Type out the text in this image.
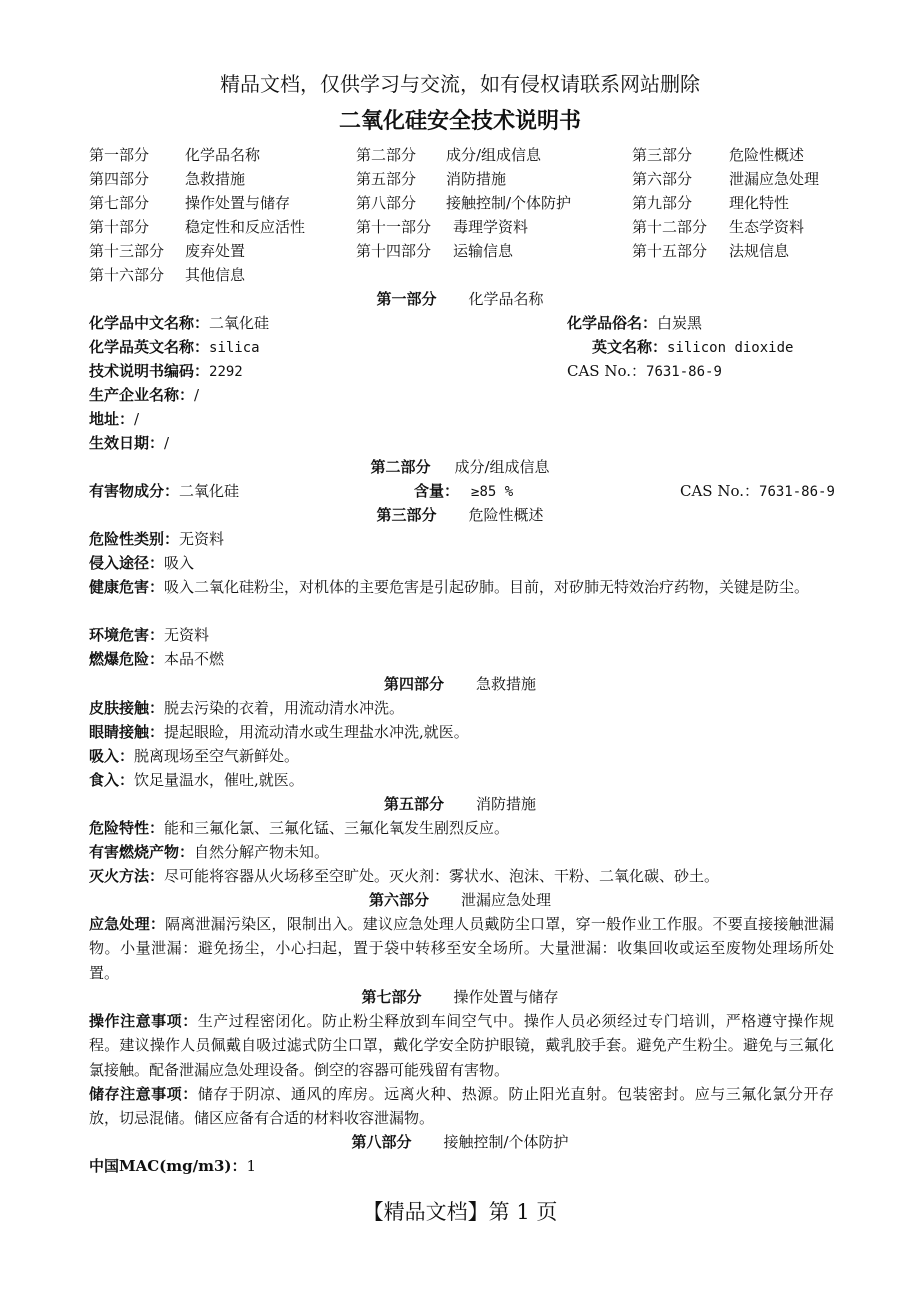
精品文档，仅供学习与交流，如有侵权请联系网站删除
二氧化硅安全技术说明书
第一部分 化学品名称	第二部分 成分/组成信息	第三部分 危险性概述
第四部分 急救措施	第五部分 消防措施	第六部分 泄漏应急处理
第七部分 操作处置与储存	第八部分 接触控制/个体防护	第九部分 理化特性
第十部分 稳定性和反应活性	第十一部分 毒理学资料	第十二部分 生态学资料
第十三部分 废弃处置	第十四部分 运输信息	第十五部分 法规信息
第十六部分 其他信息
第一部分 化学品名称
化学品中文名称：二氧化硅	化学品俗名：白炭黑
化学品英文名称：silica	英文名称：silicon dioxide
技术说明书编码：2292	CAS No.：7631-86-9
生产企业名称：/
地址：/
生效日期：/
第二部分 成分/组成信息
有害物成分：二氧化硅	含量： ≥85 %	CAS No.：7631-86-9
第三部分 危险性概述
危险性类别：无资料
侵入途径：吸入
健康危害：吸入二氧化硅粉尘，对机体的主要危害是引起矽肺。目前，对矽肺无特效治疗药物，关键是防尘。
环境危害：无资料
燃爆危险：本品不燃
第四部分 急救措施
皮肤接触：脱去污染的衣着，用流动清水冲洗。
眼睛接触：提起眼睑，用流动清水或生理盐水冲洗,就医。
吸入：脱离现场至空气新鲜处。
食入：饮足量温水，催吐,就医。
第五部分 消防措施
危险特性：能和三氟化氯、三氟化锰、三氟化氧发生剧烈反应。
有害燃烧产物：自然分解产物未知。
灭火方法：尽可能将容器从火场移至空旷处。灭火剂：雾状水、泡沫、干粉、二氧化碳、砂土。
第六部分 泄漏应急处理
应急处理：隔离泄漏污染区，限制出入。建议应急处理人员戴防尘口罩，穿一般作业工作服。不要直接接触泄漏物。小量泄漏：避免扬尘，小心扫起，置于袋中转移至安全场所。大量泄漏：收集回收或运至废物处理场所处置。
第七部分 操作处置与储存
操作注意事项：生产过程密闭化。防止粉尘释放到车间空气中。操作人员必须经过专门培训，严格遵守操作规程。建议操作人员佩戴自吸过滤式防尘口罩，戴化学安全防护眼镜，戴乳胶手套。避免产生粉尘。避免与三氟化氯接触。配备泄漏应急处理设备。倒空的容器可能残留有害物。
储存注意事项：储存于阴凉、通风的库房。远离火种、热源。防止阳光直射。包装密封。应与三氟化氯分开存放，切忌混储。储区应备有合适的材料收容泄漏物。
第八部分 接触控制/个体防护
中国MAC(mg/m3)：1
【精品文档】第 1 页
